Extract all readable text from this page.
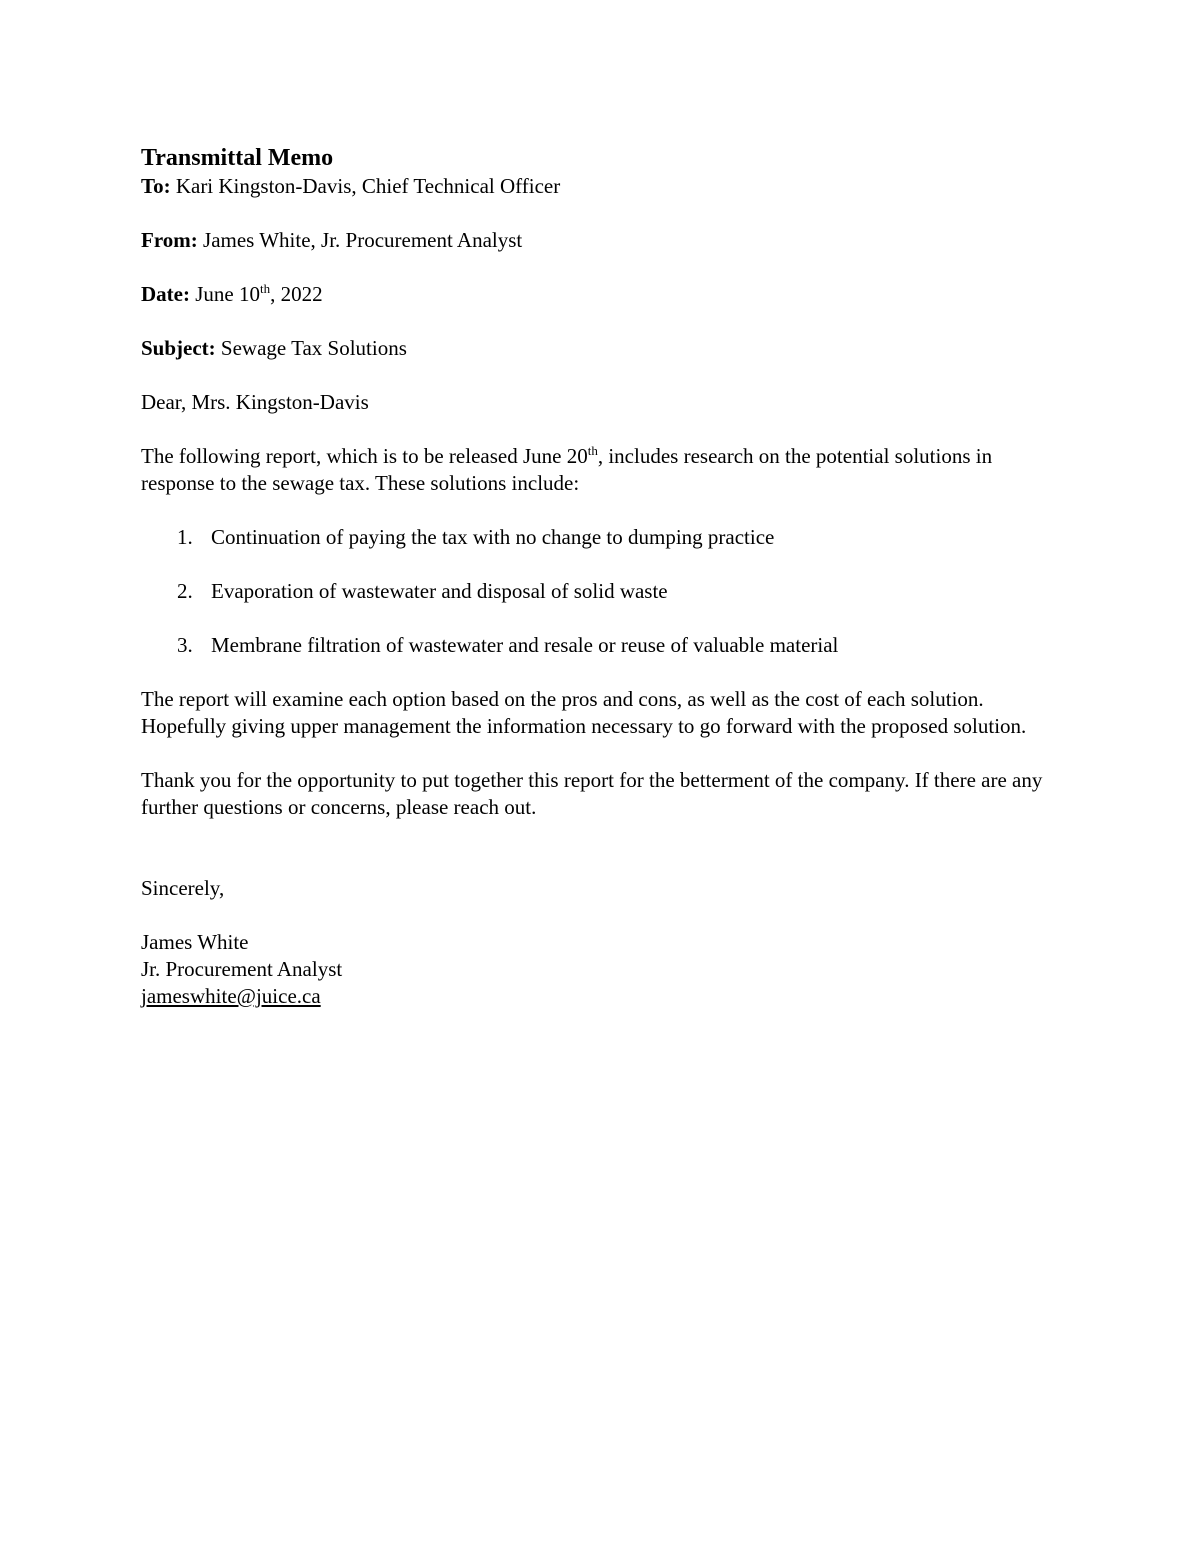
Transmittal Memo
To: Kari Kingston-Davis, Chief Technical Officer
From: James White, Jr. Procurement Analyst
Date: June 10th, 2022
Subject: Sewage Tax Solutions

Dear, Mrs. Kingston-Davis

The following report, which is to be released June 20th, includes research on the potential solutions in response to the sewage tax. These solutions include:

1. Continuation of paying the tax with no change to dumping practice
2. Evaporation of wastewater and disposal of solid waste
3. Membrane filtration of wastewater and resale or reuse of valuable material

The report will examine each option based on the pros and cons, as well as the cost of each solution. Hopefully giving upper management the information necessary to go forward with the proposed solution.

Thank you for the opportunity to put together this report for the betterment of the company. If there are any further questions or concerns, please reach out.

Sincerely,

James White

Jr. Procurement Analyst

jameswhite@juice.ca
